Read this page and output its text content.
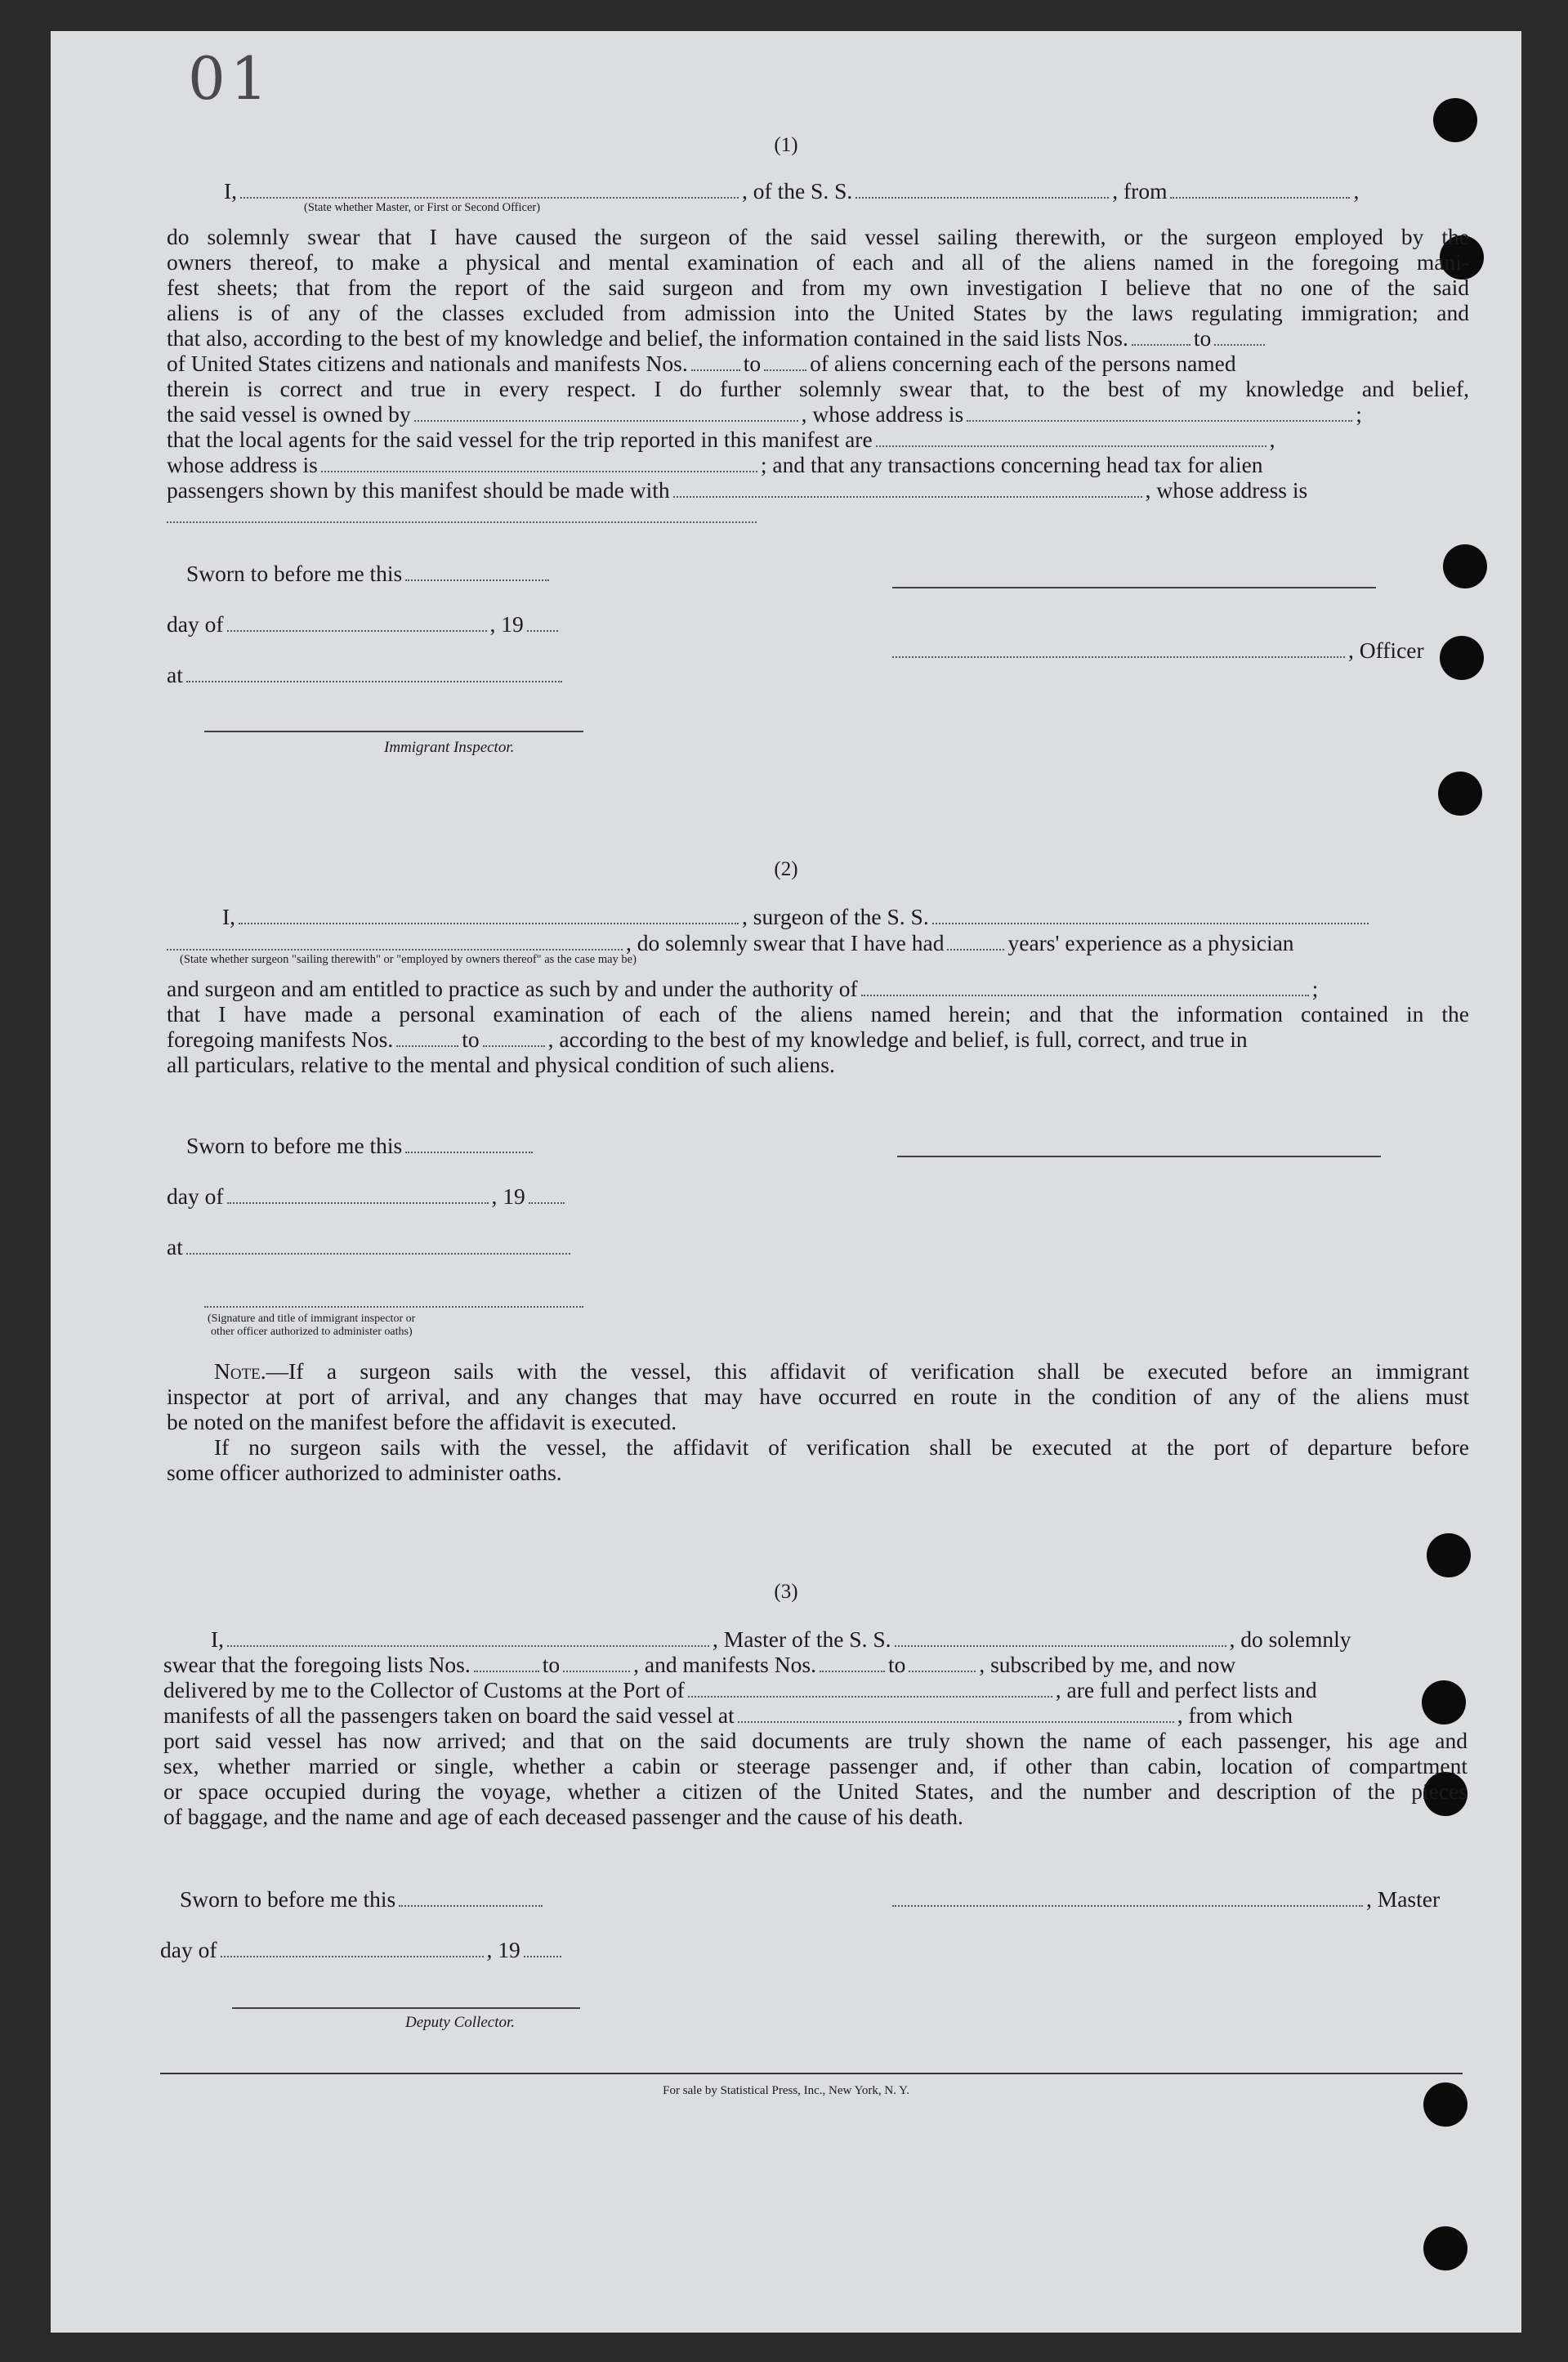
01
(1)
I,	, of the S. S.	, from	,
(State whether Master, or First or Second Officer)
do solemnly swear that I have caused the surgeon of the said vessel sailing therewith, or the surgeon employed by the
owners thereof, to make a physical and mental examination of each and all of the aliens named in the foregoing mani-
fest sheets; that from the report of the said surgeon and from my own investigation I believe that no one of the said
aliens is of any of the classes excluded from admission into the United States by the laws regulating immigration; and
that also, according to the best of my knowledge and belief, the information contained in the said lists Nos.	to
of United States citizens and nationals and manifests Nos. to of aliens concerning each of the persons named
therein is correct and true in every respect. I do further solemnly swear that, to the best of my knowledge and belief,
the said vessel is owned by	, whose address is	;
that the local agents for the said vessel for the trip reported in this manifest are	,
whose address is	; and that any transactions concerning head tax for alien
passengers shown by this manifest should be made with	, whose address is
Sworn to before me this
day of	, 19
, Officer
at
Immigrant Inspector.
(2)
I,	, surgeon of the S. S.
, do solemnly swear that I have had	years' experience as a physician
(State whether surgeon "sailing therewith" or "employed by owners thereof" as the case may be)
and surgeon and am entitled to practice as such by and under the authority of	;
that I have made a personal examination of each of the aliens named herein; and that the information contained in the
foregoing manifests Nos.	to	, according to the best of my knowledge and belief, is full, correct, and true in
all particulars, relative to the mental and physical condition of such aliens.
Sworn to before me this
day of	, 19
at
(Signature and title of immigrant inspector or
other officer authorized to administer oaths)
Note.—If a surgeon sails with the vessel, this affidavit of verification shall be executed before an immigrant
inspector at port of arrival, and any changes that may have occurred en route in the condition of any of the aliens must
be noted on the manifest before the affidavit is executed.
If no surgeon sails with the vessel, the affidavit of verification shall be executed at the port of departure before
some officer authorized to administer oaths.
(3)
I,	, Master of the S. S.	, do solemnly
swear that the foregoing lists Nos.	to	, and manifests Nos.	to	, subscribed by me, and now
delivered by me to the Collector of Customs at the Port of	, are full and perfect lists and
manifests of all the passengers taken on board the said vessel at	, from which
port said vessel has now arrived; and that on the said documents are truly shown the name of each passenger, his age and
sex, whether married or single, whether a cabin or steerage passenger and, if other than cabin, location of compartment
or space occupied during the voyage, whether a citizen of the United States, and the number and description of the pieces
of baggage, and the name and age of each deceased passenger and the cause of his death.
Sworn to before me this	, Master
day of	, 19
Deputy Collector.
For sale by Statistical Press, Inc., New York, N. Y.
